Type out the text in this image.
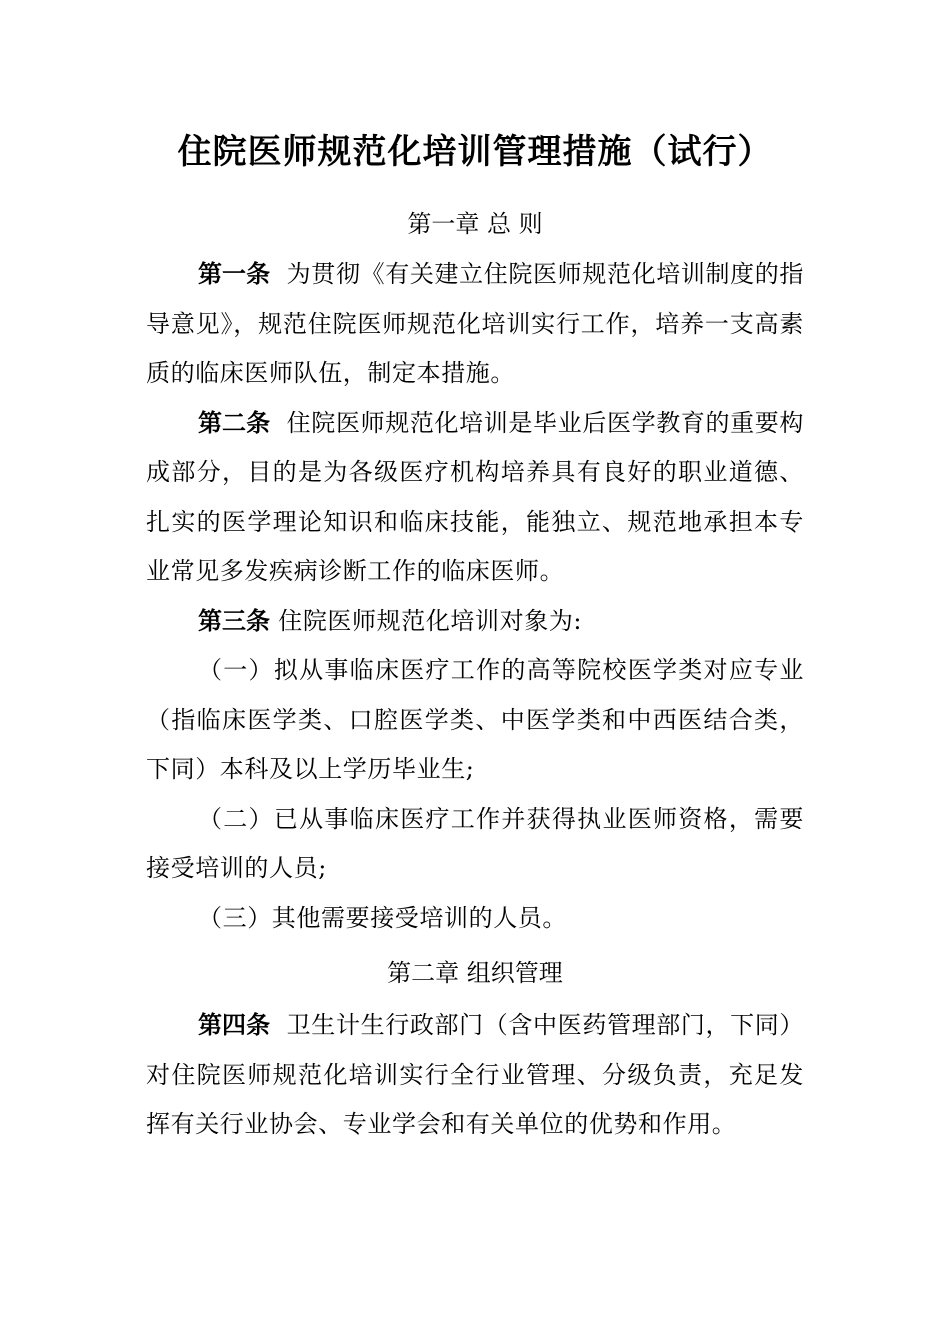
住院医师规范化培训管理措施（试行）
第一章 总 则

第一条 为贯彻《有关建立住院医师规范化培训制度的指导意见》，规范住院医师规范化培训实行工作，培养一支高素质的临床医师队伍，制定本措施。

第二条 住院医师规范化培训是毕业后医学教育的重要构成部分，目的是为各级医疗机构培养具有良好的职业道德、扎实的医学理论知识和临床技能，能独立、规范地承担本专业常见多发疾病诊断工作的临床医师。

第三条 住院医师规范化培训对象为:

（一）拟从事临床医疗工作的高等院校医学类对应专业（指临床医学类、口腔医学类、中医学类和中西医结合类，下同）本科及以上学历毕业生;

（二）已从事临床医疗工作并获得执业医师资格，需要接受培训的人员;

（三）其他需要接受培训的人员。

第二章 组织管理

第四条 卫生计生行政部门（含中医药管理部门，下同）对住院医师规范化培训实行全行业管理、分级负责，充足发挥有关行业协会、专业学会和有关单位的优势和作用。
